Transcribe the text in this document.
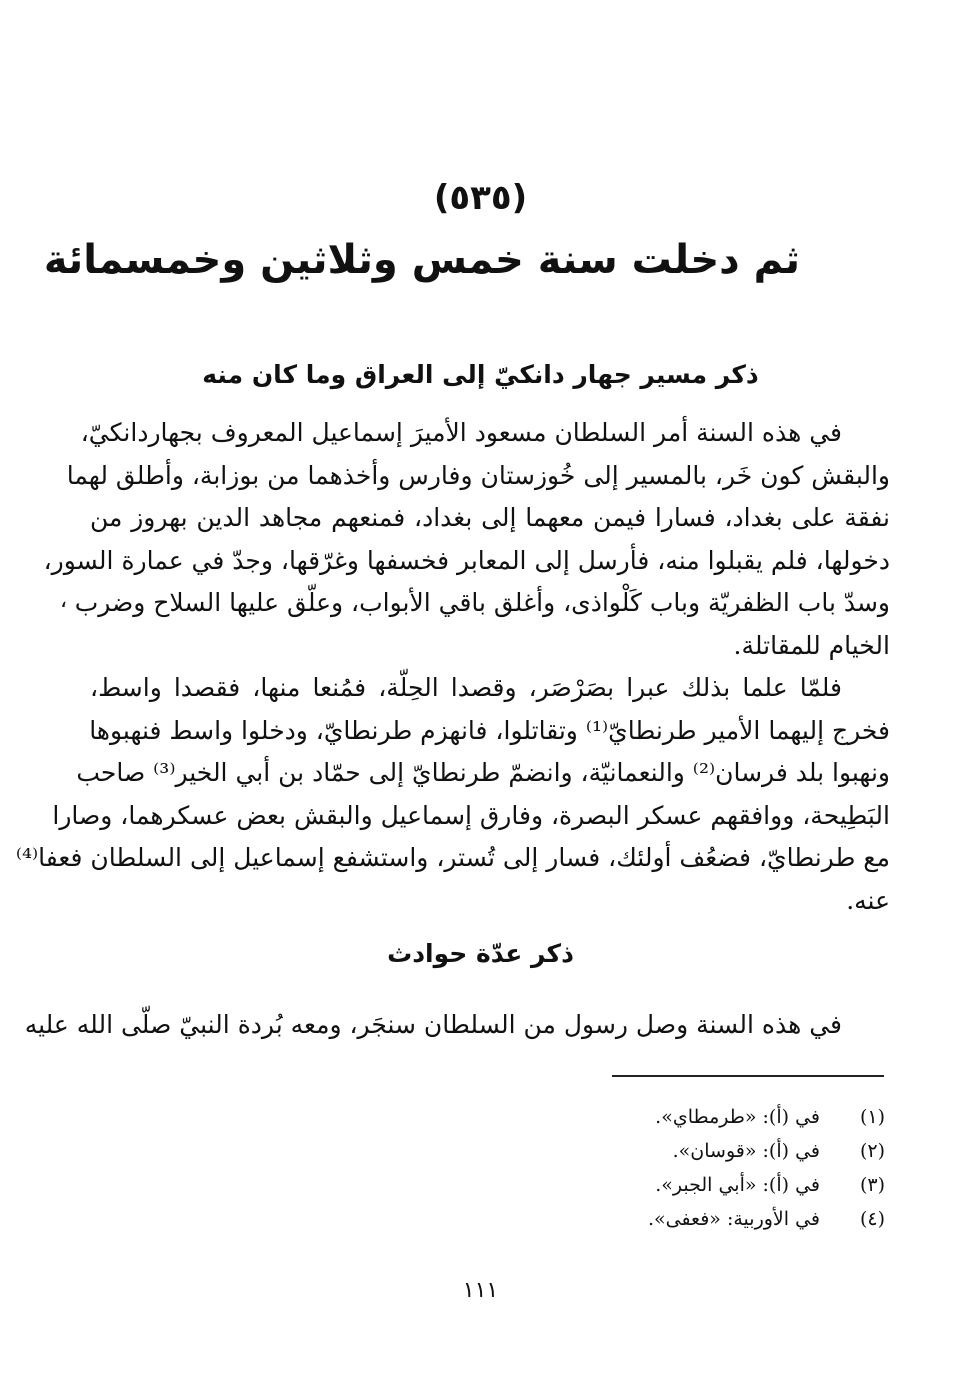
(٥٣٥)
ثم دخلت سنة خمس وثلاثين وخمسمائة
ذكر مسير جهار دانكيّ إلى العراق وما كان منه
في هذه السنة أمر السلطان مسعود الأميرَ إسماعيل المعروف بجهاردانكيّ،
والبقش كون خَر، بالمسير إلى خُوزستان وفارس وأخذهما من بوزابة، وأطلق لهما
نفقة على بغداد، فسارا فيمن معهما إلى بغداد، فمنعهم مجاهد الدين بهروز من
دخولها، فلم يقبلوا منه، فأرسل إلى المعابر فخسفها وغرّقها، وجدّ في عمارة السور،
وسدّ باب الظفريّة وباب كَلْواذى، وأغلق باقي الأبواب، وعلّق عليها السلاح وضرب
الخيام للمقاتلة.
فلمّا علما بذلك عبرا بصَرْصَر، وقصدا الحِلّة، فمُنعا منها، فقصدا واسط،
فخرج إليهما الأمير طرنطايّ⁽¹⁾ وتقاتلوا، فانهزم طرنطايّ، ودخلوا واسط فنهبوها
ونهبوا بلد فرسان⁽²⁾ والنعمانيّة، وانضمّ طرنطايّ إلى حمّاد بن أبي الخير⁽³⁾ صاحب
البَطِيحة، ووافقهم عسكر البصرة، وفارق إسماعيل والبقش بعض عسكرهما، وصارا
مع طرنطايّ، فضعُف أولئك، فسار إلى تُستر، واستشفع إسماعيل إلى السلطان فعفا⁽⁴⁾
عنه.
ذكر عدّة حوادث
في هذه السنة وصل رسول من السلطان سنجَر، ومعه بُردة النبيّ صلّى الله عليه
،
(١)في (أ): «طرمطاي».
(٢)في (أ): «قوسان».
(٣)في (أ): «أبي الجبر».
(٤)في الأوربية: «فعفى».
١١١
